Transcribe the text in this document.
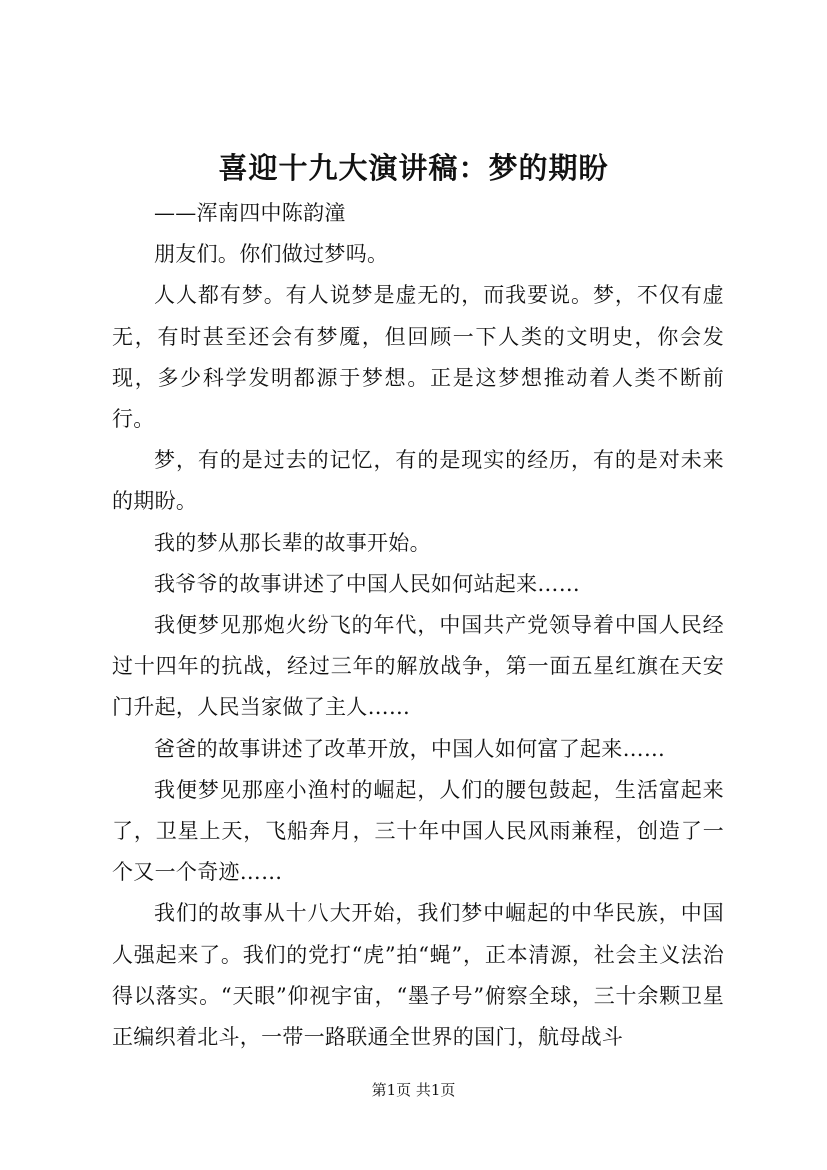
喜迎十九大演讲稿：梦的期盼

——浑南四中陈韵潼

朋友们。你们做过梦吗。

人人都有梦。有人说梦是虚无的，而我要说。梦，不仅有虚无，有时甚至还会有梦魇，但回顾一下人类的文明史，你会发现，多少科学发明都源于梦想。正是这梦想推动着人类不断前行。

梦，有的是过去的记忆，有的是现实的经历，有的是对未来的期盼。

我的梦从那长辈的故事开始。

我爷爷的故事讲述了中国人民如何站起来……

我便梦见那炮火纷飞的年代，中国共产党领导着中国人民经过十四年的抗战，经过三年的解放战争，第一面五星红旗在天安门升起，人民当家做了主人……

爸爸的故事讲述了改革开放，中国人如何富了起来……

我便梦见那座小渔村的崛起，人们的腰包鼓起，生活富起来了，卫星上天，飞船奔月，三十年中国人民风雨兼程，创造了一个又一个奇迹……

我们的故事从十八大开始，我们梦中崛起的中华民族，中国人强起来了。我们的党打“虎”拍“蝇”，正本清源，社会主义法治得以落实。“天眼”仰视宇宙，“墨子号”俯察全球，三十余颗卫星正编织着北斗，一带一路联通全世界的国门，航母战斗

第1页 共1页
